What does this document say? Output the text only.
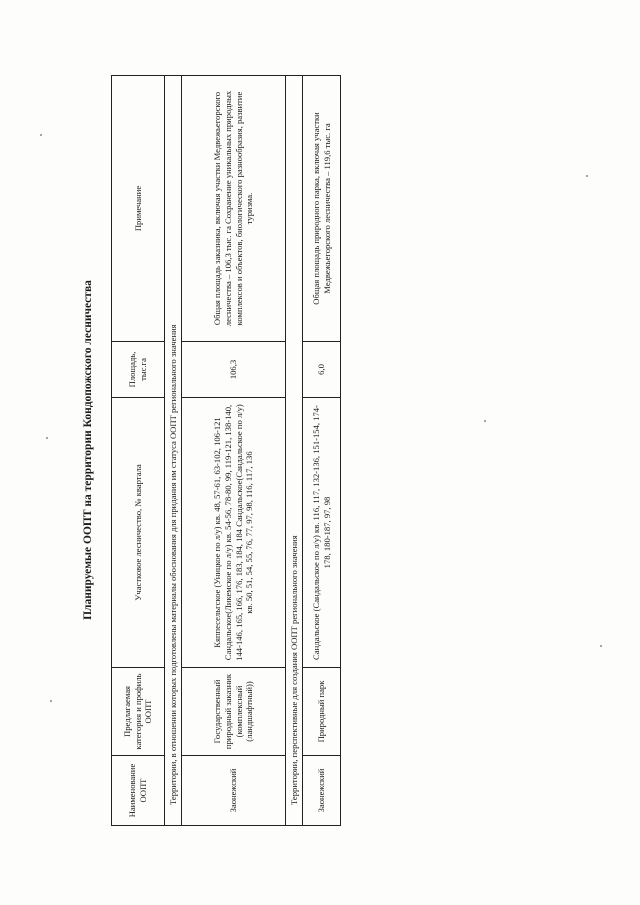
Планируемые ООПТ на территории Кондопожского лесничества
Наименование ООПТ	Предлагаемая категория и профиль ООПТ	Участковое лесничество, № квартала	Площадь, тыс.га	Примечание
Территории, в отношении которых подготовлены материалы обоснования для придания им статуса ООПТ регионального значения				
Заонежский	Государственный природный заказник (комплексный (ландшафтный))	Кяппесельгское (Уницкое по л/у) кв. 48, 57-61, 63-102, 106-121 Сандальское(Ликемское по л/у) кв. 54-56, 78-80, 99, 119-121, 138-140, 144-146, 165, 166, 176, 183, 184, 184 Сандальское(Сандальское по л/у) кв. 50, 51, 54, 55, 76, 77, 97, 98, 116, 117, 136	106,3	Общая площадь заказника, включая участки Медвежьегорского лесничества – 106,3 тыс. га Сохранение уникальных природных комплексов и объектов, биологического разнообразия, развитие туризма.
Территории, перспективные для создания ООПТ регионального значения				
Заонежский	Природный парк	Сандальское (Сандальское по л/у) кв. 116, 117, 132-136, 151-154, 174-178, 180-187, 97, 98	6,0	Общая площадь природного парка, включая участки Медвежьегорского лесничества – 119,6 тыс. га
